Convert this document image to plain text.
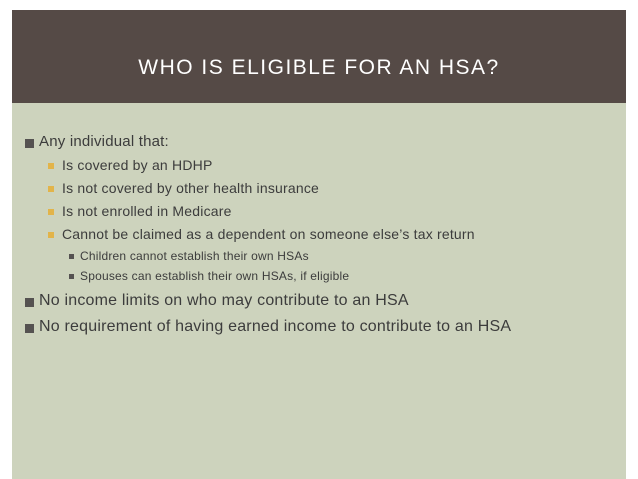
WHO IS ELIGIBLE FOR AN HSA?
Any individual that:
Is covered by an HDHP
Is not covered by other health insurance
Is not enrolled in Medicare
Cannot be claimed as a dependent on someone else’s tax return
Children cannot establish their own HSAs
Spouses can establish their own HSAs, if eligible
No income limits on who may contribute to an HSA
No requirement of having earned income to contribute to an HSA
